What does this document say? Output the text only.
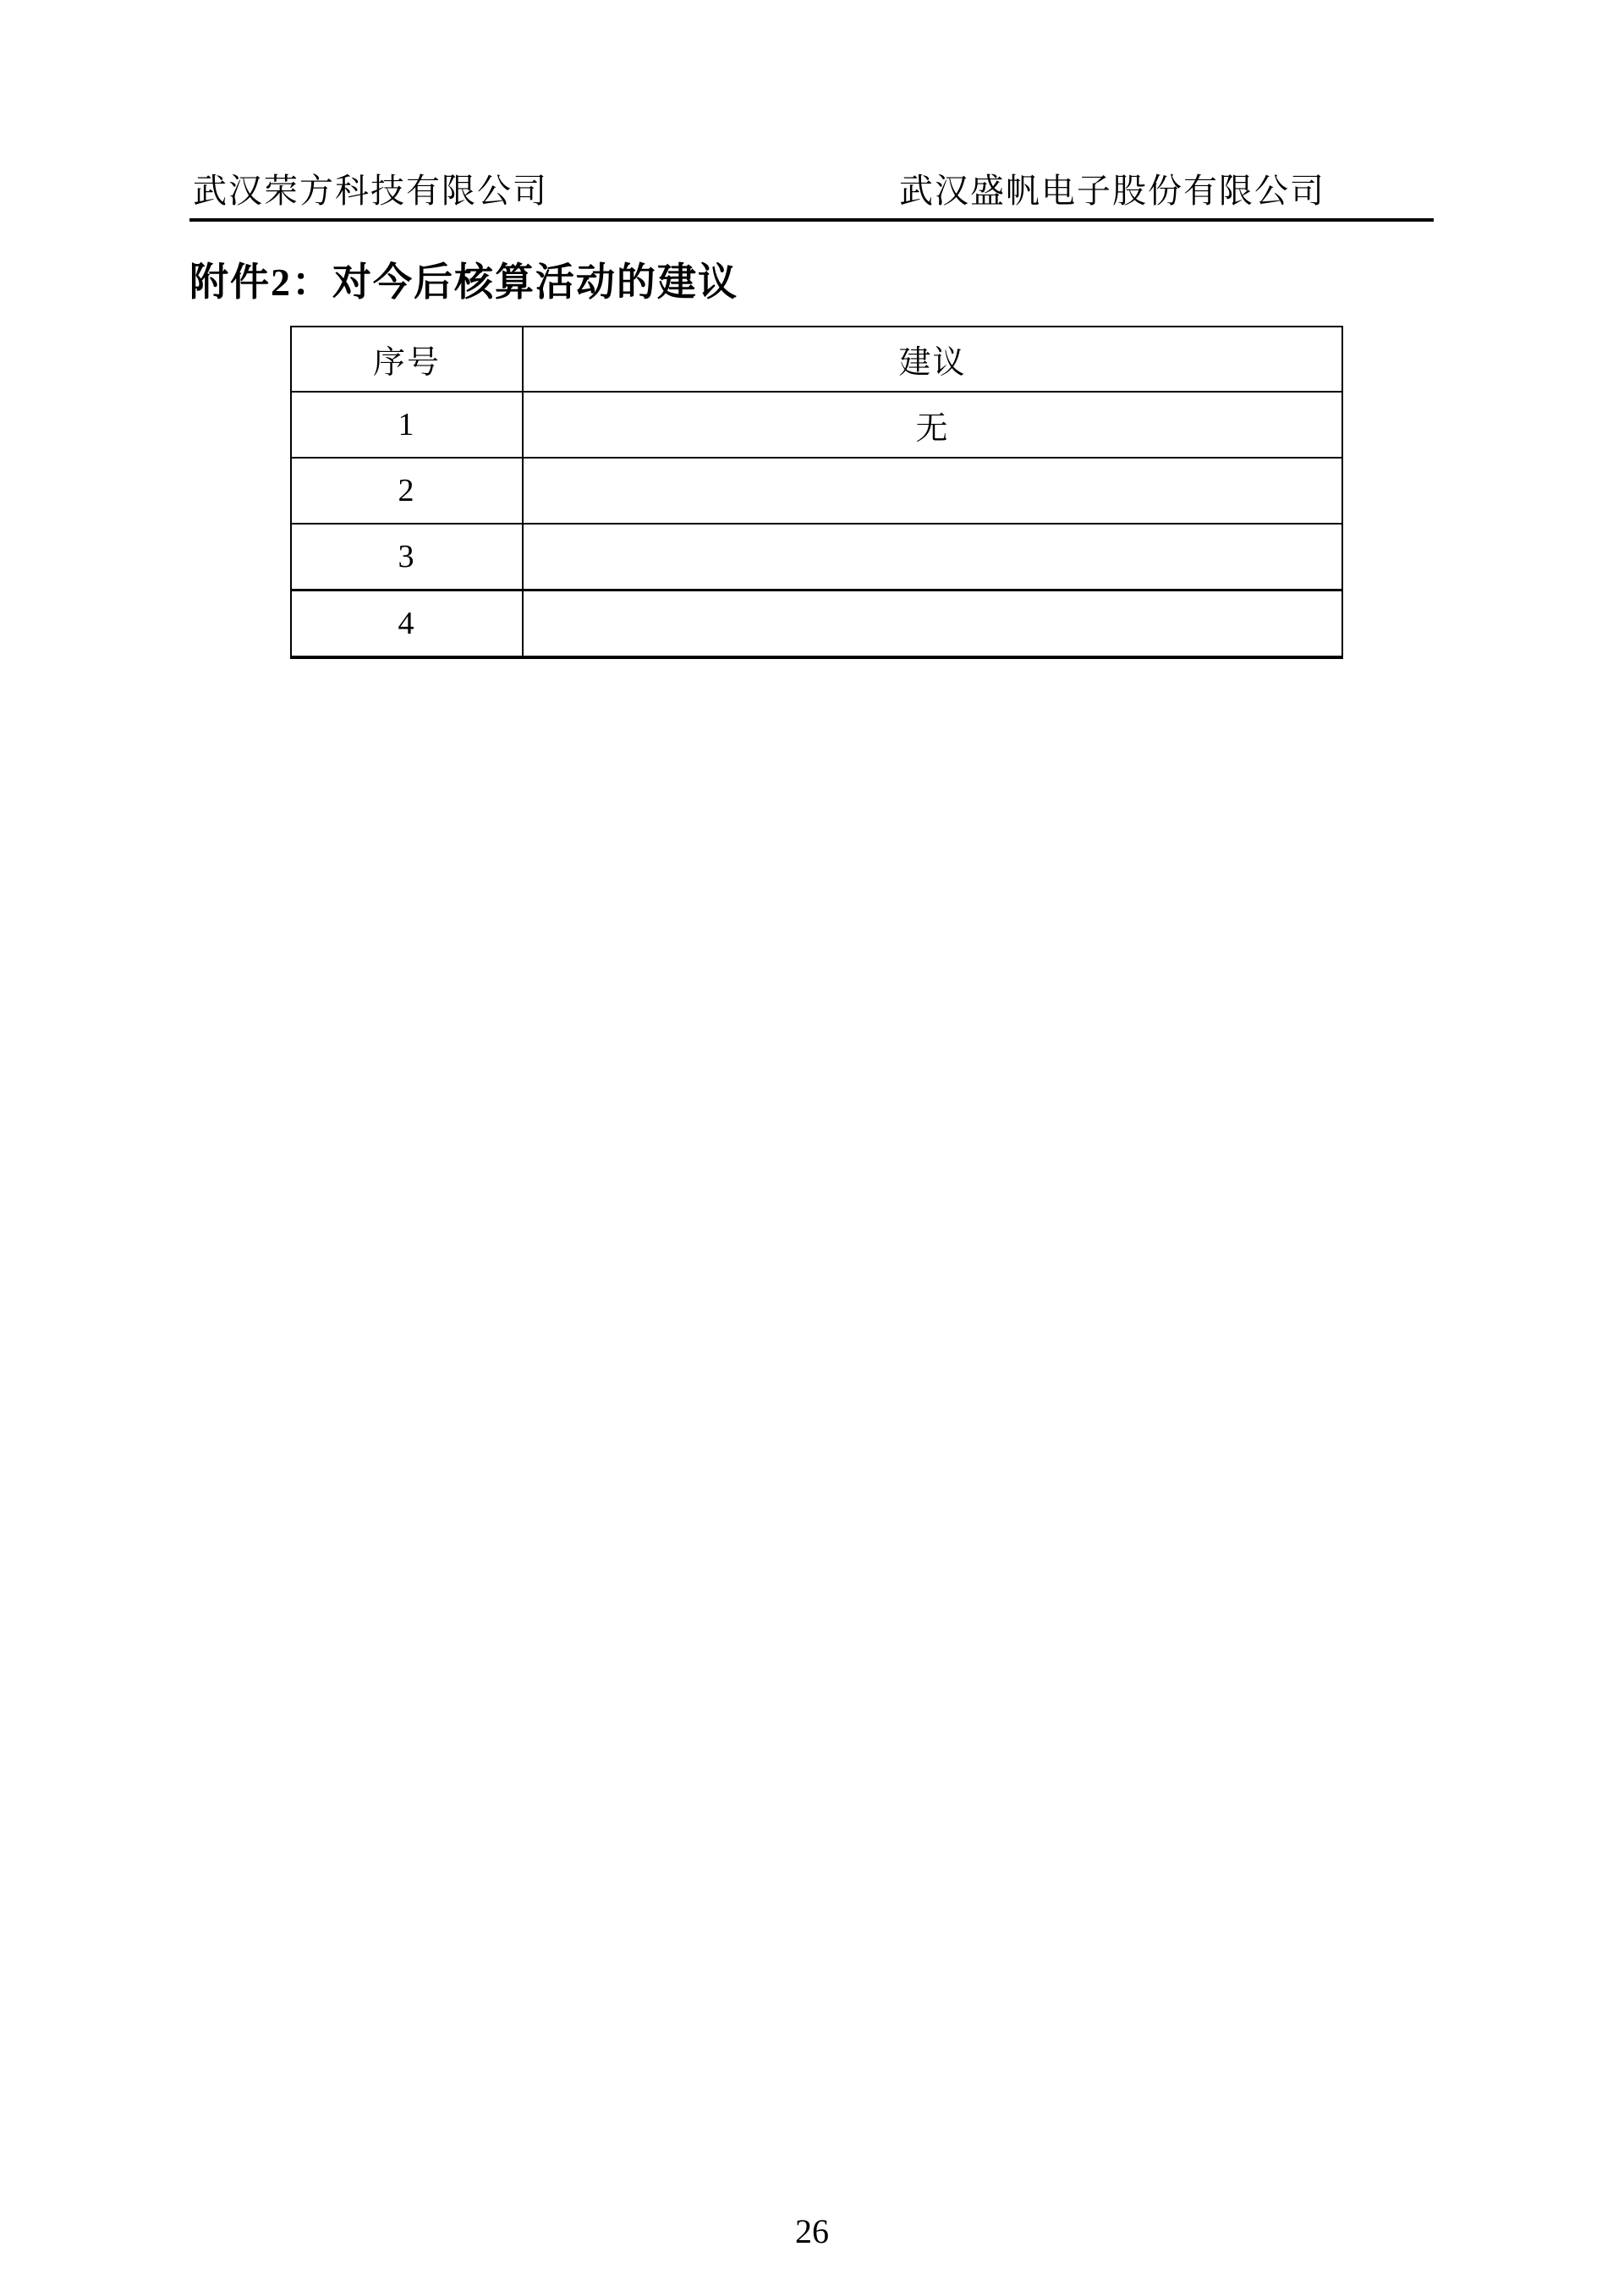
武汉荣方科技有限公司	武汉盛帆电子股份有限公司
附件2：对今后核算活动的建议
序号	建议
1	无
2	
3	
4	
26
